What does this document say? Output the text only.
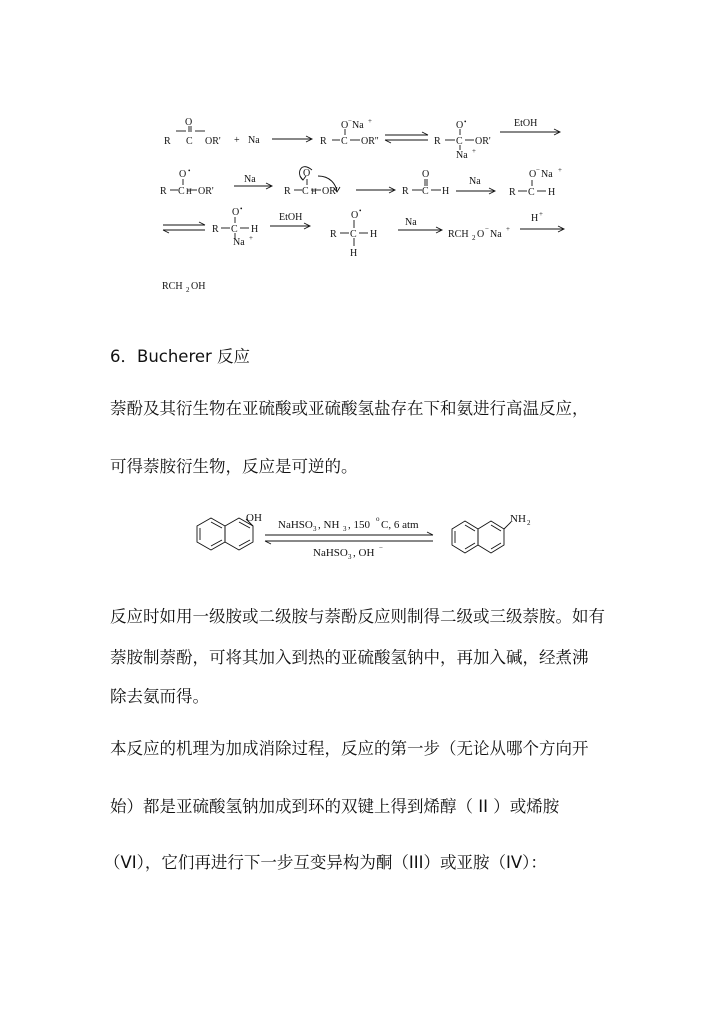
O
R C OR' + Na
O − Na +
R C OR''
O •
R C OR'
Na +
EtOH
O •
R C H OR'
Na
O
R C H OR'
O
R C H
Na
O − Na +
R C H
O •
R C H
Na +
EtOH	O •
R C H
H
Na
RCH 2 O − Na +
H +
RCH 2 OH
6．Bucherer 反应
萘酚及其衍生物在亚硫酸或亚硫酸氢盐存在下和氨进行高温反应，
可得萘胺衍生物，反应是可逆的。
OH	NH 2
NaHSO 3 , NH 3 , 150 o C, 6 atm
NaHSO 3 , OH −
反应时如用一级胺或二级胺与萘酚反应则制得二级或三级萘胺。如有
萘胺制萘酚，可将其加入到热的亚硫酸氢钠中，再加入碱，经煮沸
除去氨而得。
本反应的机理为加成消除过程，反应的第一步（无论从哪个方向开
始）都是亚硫酸氢钠加成到环的双键上得到烯醇（ II ）或烯胺
（VI），它们再进行下一步互变异构为酮（III）或亚胺（IV）：
